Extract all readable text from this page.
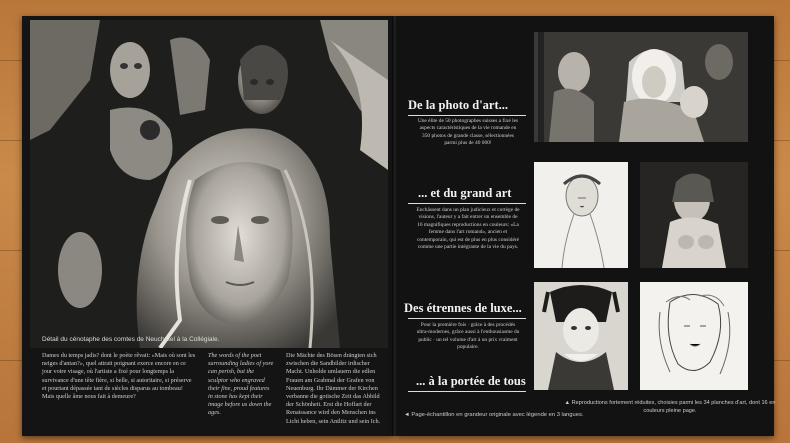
Détail du cénotaphe des comtes de Neuchâtel à la Collégiale.
Dames du temps jadis? dont le poète rêvait: «Mais où sont les neiges d'antan?», quel attrait poignant exerce encore en ce jour votre visage, où l'artiste a fixé pour longtemps la survivance d'une tête fière, si belle, si autoritaire, si préserve et pourtant dépassée tant de siècles disparus au tombeau! Mais quelle âme nous fait à demeure?
The words of the poet surrounding ladies of yore can perish, but the sculptor who engraved their fine, proud features in stone has kept their image before us down the ages.
Die Mächte des Bösen drängten sich zwischen die Sandbilder irdischer Macht. Unholde umlauern die edlen Frauen am Grabmal der Grafen von Neuenburg. Ihr Dämmer der Kirchen verbanne die gotische Zeit das Abbild der Schönheit. Erst die Hoffart der Renaissance wird den Menschen ins Licht heben, sein Antlitz und sein Ich.
De la photo d'art...
Une élite de 50 photographes suisses a fixé les aspects caractéristiques de la vie romande en 350 photos de grande classe, sélectionnées parmi plus de 40 000!
... et du grand art
Enchâssent dans un plan judicieux et cortège de visions, l'auteur y a fait entrer un ensemble de 16 magnifiques reproductions en couleurs: «La femme dans l'art romand», ancien et contemporain, qui est de plus en plus considéré comme une partie intégrante de la vie du pays.
Des étrennes de luxe...
Pour la première fois · grâce à des procédés ultra-modernes, grâce aussi à l'enthousiasme du public · un tel volume d'art à un prix vraiment populaire.
... à la portée de tous
▲ Reproductions fortement réduites, choisies parmi les 34 planches d'art, dont 16 en couleurs pleine page.
◄ Page-échantillon en grandeur originale avec légende en 3 langues.
